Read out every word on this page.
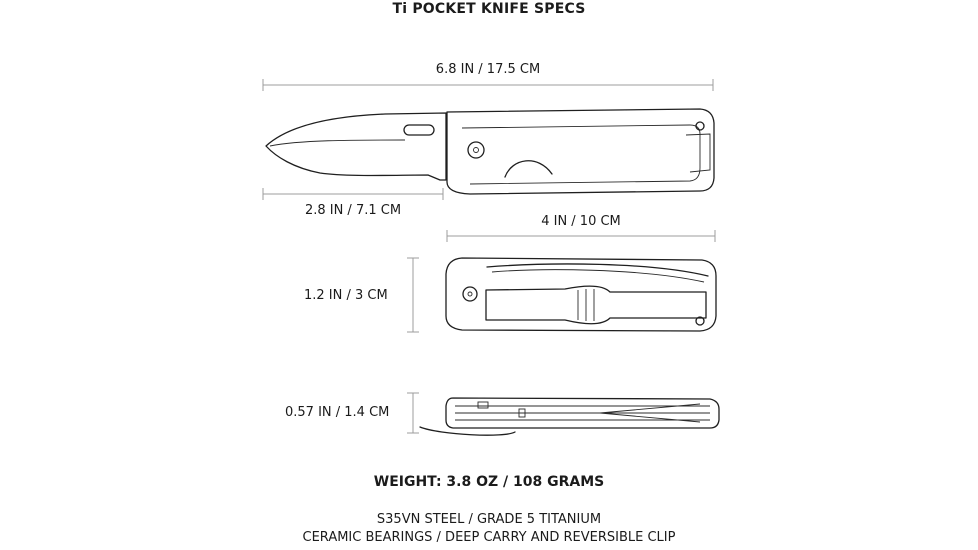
Ti POCKET KNIFE SPECS
6.8 IN / 17.5 CM
2.8 IN / 7.1 CM
4 IN / 10 CM
1.2 IN / 3 CM
0.57 IN / 1.4 CM
WEIGHT: 3.8 OZ / 108 GRAMS
S35VN STEEL / GRADE 5 TITANIUM
CERAMIC BEARINGS / DEEP CARRY AND REVERSIBLE CLIP
